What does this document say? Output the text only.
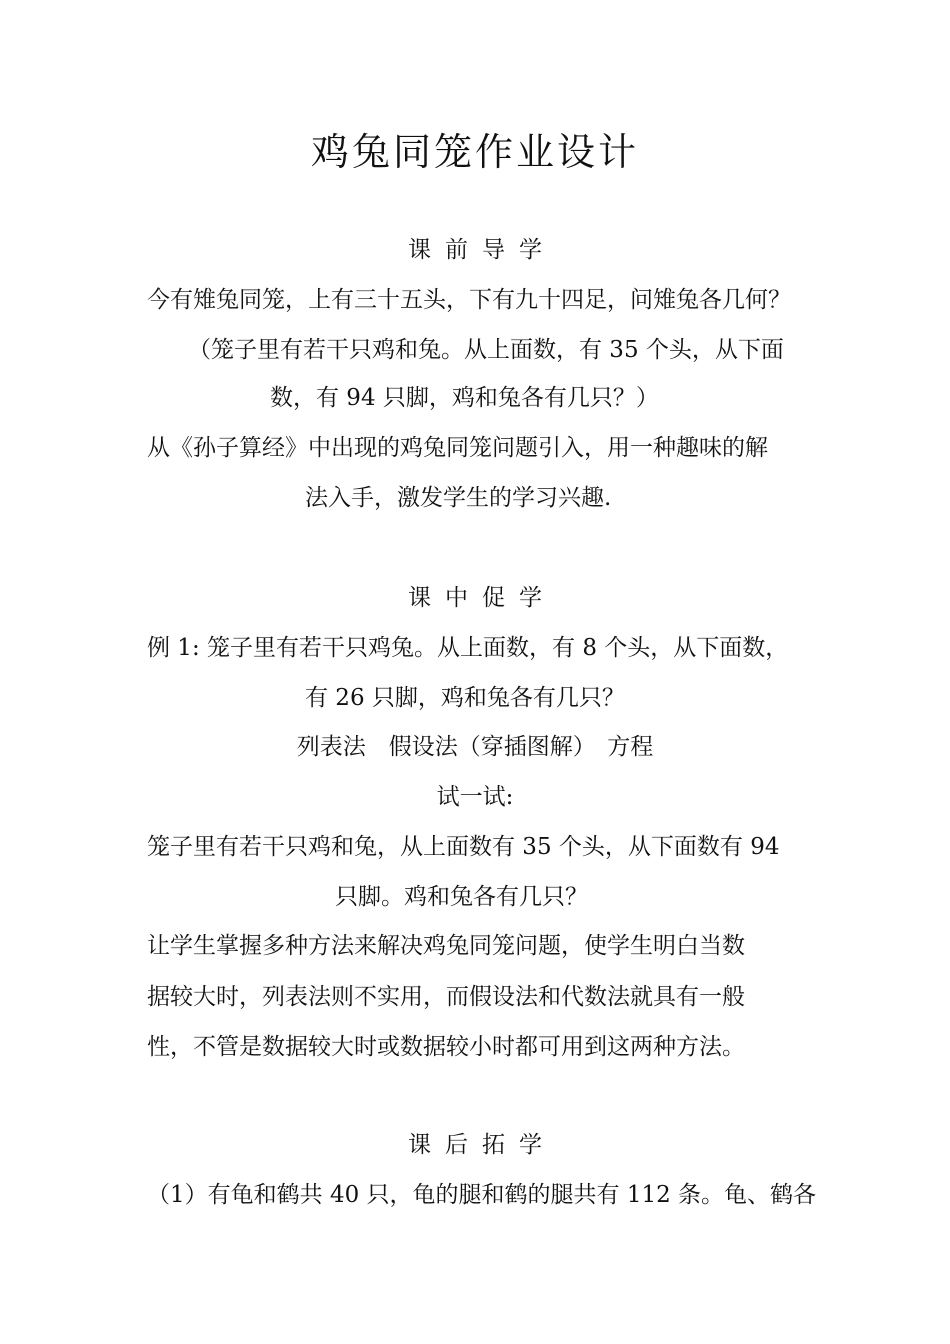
鸡兔同笼作业设计
课前导学
今有雉兔同笼，上有三十五头，下有九十四足，问雉兔各几何？
（笼子里有若干只鸡和兔。从上面数，有 35 个头，从下面
数，有 94 只脚，鸡和兔各有几只？）
从《孙子算经》中出现的鸡兔同笼问题引入，用一种趣味的解
法入手，激发学生的学习兴趣.
课中促学
例 1: 笼子里有若干只鸡兔。从上面数，有 8 个头，从下面数，
有 26 只脚，鸡和兔各有几只？
列表法　假设法（穿插图解）　方程
试一试:
笼子里有若干只鸡和兔，从上面数有 35 个头，从下面数有 94
只脚。鸡和兔各有几只？
让学生掌握多种方法来解决鸡兔同笼问题，使学生明白当数
据较大时，列表法则不实用，而假设法和代数法就具有一般
性，不管是数据较大时或数据较小时都可用到这两种方法。
课后拓学
（1）有龟和鹤共 40 只，龟的腿和鹤的腿共有 112 条。龟、鹤各
